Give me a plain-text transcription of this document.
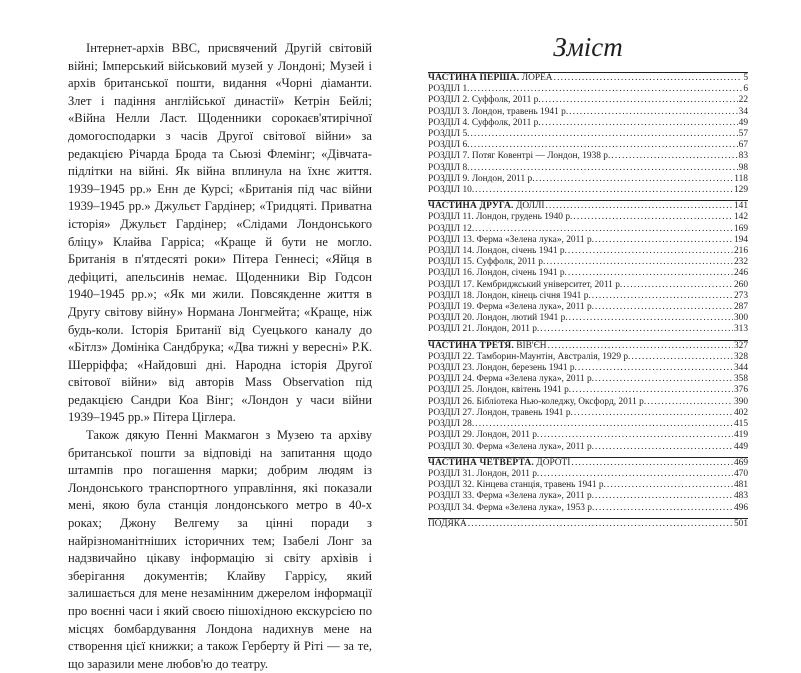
Інтернет-архів BBC, присвячений Другій світовій війні; Імперський військовий музей у Лондоні; Музей і архів британської пошти, видання «Чорні діаманти. Злет і падіння англійської династії» Кетрін Бейлі; «Війна Нелли Ласт. Щоденники сорокаєв'ятирічної домогосподарки з часів Другої світової війни» за редакцією Річарда Брода та Сьюзі Флемінг; «Дівчата-підлітки на війні. Як війна вплинула на їхнє життя. 1939–1945 рр.» Енн де Курсі; «Британія під час війни 1939–1945 рр.» Джульєт Гардінер; «Тридцяті. Приватна історія» Джульєт Гардінер; «Слідами Лондонського бліцу» Клайва Гарріса; «Краще й бути не могло. Британія в п'ятдесяті роки» Пітера Геннесі; «Яйця в дефіциті, апельсинів немає. Щоденники Вір Годсон 1940–1945 рр.»; «Як ми жили. Повсякденне життя в Другу світову війну» Нормана Лонгмейта; «Краще, ніж будь-коли. Історія Британії від Суецького каналу до «Бітлз» Домініка Сандбрука; «Два тижні у вересні» Р.К. Шерріффа; «Найдовші дні. Народна історія Другої світової війни» від авторів Mass Observation під редакцією Сандри Коа Вінг; «Лондон у часи війни 1939–1945 рр.» Пітера Ціглера.

Також дякую Пенні Макмагон з Музею та архіву британської пошти за відповіді на запитання щодо штампів про погашення марки; добрим людям із Лондонського транспортного управління, які показали мені, якою була станція лондонського метро в 40-х роках; Джону Велгему за цінні поради з найрізноманітніших історичних тем; Ізабелі Лонг за надзвичайно цікаву інформацію зі світу архівів і зберігання документів; Клайву Гаррісу, який залишається для мене незамінним джерелом інформації про воєнні часи і який своєю пішохідною екскурсією по місцях бомбардування Лондона надихнув мене на створення цієї книжки; а також Герберту й Ріті — за те, що заразили мене любов'ю до театру.

Зміст
ЧАСТИНА ПЕРША. ЛОРЕА .....	5
РОЗДІЛ 1. .....	6
РОЗДІЛ 2. Суффолк, 2011 р. .....	22
РОЗДІЛ 3. Лондон, травень 1941 р. .....	34
РОЗДІЛ 4. Суффолк, 2011 р. .....	49
РОЗДІЛ 5. .....	57
РОЗДІЛ 6. .....	67
РОЗДІЛ 7. Потяг Ковентрі — Лондон, 1938 р. .....	83
РОЗДІЛ 8. .....	98
РОЗДІЛ 9. Лондон, 2011 р. .....	118
РОЗДІЛ 10. .....	129
ЧАСТИНА ДРУГА. ДОЛЛІ .....	141
РОЗДІЛ 11. Лондон, грудень 1940 р. .....	142
РОЗДІЛ 12. .....	169
РОЗДІЛ 13. Ферма «Зелена лука», 2011 р. .....	194
РОЗДІЛ 14. Лондон, січень 1941 р. .....	216
РОЗДІЛ 15. Суффолк, 2011 р. .....	232
РОЗДІЛ 16. Лондон, січень 1941 р. .....	246
РОЗДІЛ 17. Кембриджський університет, 2011 р. .....	260
РОЗДІЛ 18. Лондон, кінець січня 1941 р. .....	273
РОЗДІЛ 19. Ферма «Зелена лука», 2011 р. .....	287
РОЗДІЛ 20. Лондон, лютий 1941 р. .....	300
РОЗДІЛ 21. Лондон, 2011 р. .....	313
ЧАСТИНА ТРЕТЯ. ВІВ'ЄН .....	327
РОЗДІЛ 22. Тамборин-Маунтін, Австралія, 1929 р. .....	328
РОЗДІЛ 23. Лондон, березень 1941 р. .....	344
РОЗДІЛ 24. Ферма «Зелена лука», 2011 р. .....	358
РОЗДІЛ 25. Лондон, квітень 1941 р. .....	376
РОЗДІЛ 26. Бібліотека Нью-коледжу, Оксфорд, 2011 р. .....	390
РОЗДІЛ 27. Лондон, травень 1941 р. .....	402
РОЗДІЛ 28. .....	415
РОЗДІЛ 29. Лондон, 2011 р. .....	419
РОЗДІЛ 30. Ферма «Зелена лука», 2011 р. .....	449
ЧАСТИНА ЧЕТВЕРТА. ДОРОТІ .....	469
РОЗДІЛ 31. Лондон, 2011 р. .....	470
РОЗДІЛ 32. Кінцева станція, травень 1941 р. .....	481
РОЗДІЛ 33. Ферма «Зелена лука», 2011 р. .....	483
РОЗДІЛ 34. Ферма «Зелена лука», 1953 р. .....	496
ПОДЯКА .....	501
